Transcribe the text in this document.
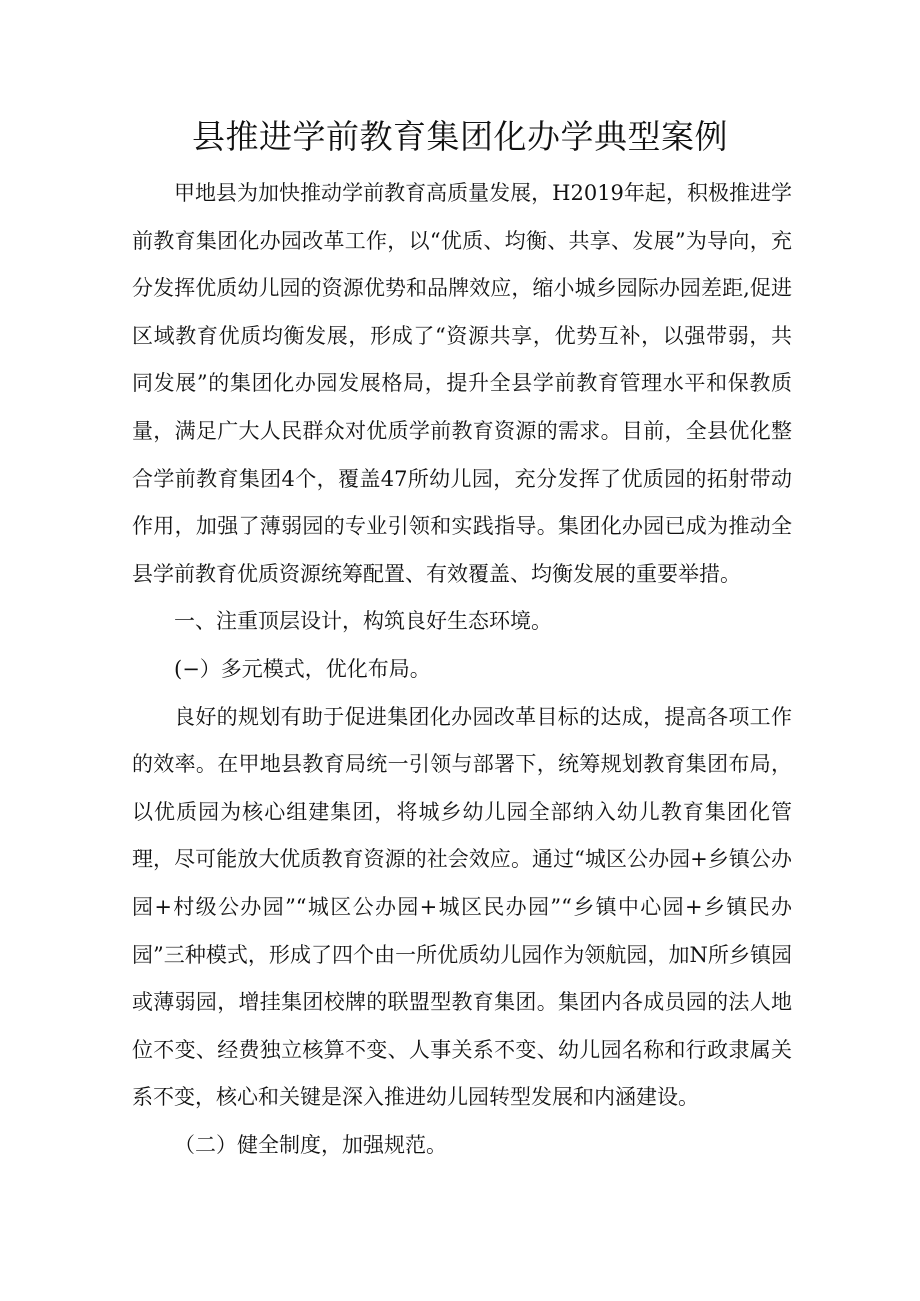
县推进学前教育集团化办学典型案例

甲地县为加快推动学前教育高质量发展，H2019年起，积极推进学前教育集团化办园改革工作，以“优质、均衡、共享、发展”为导向，充分发挥优质幼儿园的资源优势和品牌效应，缩小城乡园际办园差距,促进区域教育优质均衡发展，形成了“资源共享，优势互补，以强带弱，共同发展”的集团化办园发展格局，提升全县学前教育管理水平和保教质量，满足广大人民群众对优质学前教育资源的需求。目前，全县优化整合学前教育集团4个，覆盖47所幼儿园，充分发挥了优质园的拓射带动作用，加强了薄弱园的专业引领和实践指导。集团化办园已成为推动全县学前教育优质资源统筹配置、有效覆盖、均衡发展的重要举措。

一、注重顶层设计，构筑良好生态环境。

(−）多元模式，优化布局。

良好的规划有助于促进集团化办园改革目标的达成，提高各项工作的效率。在甲地县教育局统一引领与部署下，统筹规划教育集团布局，以优质园为核心组建集团，将城乡幼儿园全部纳入幼儿教育集团化管理，尽可能放大优质教育资源的社会效应。通过“城区公办园+乡镇公办园+村级公办园”“城区公办园+城区民办园”“乡镇中心园+乡镇民办园”三种模式，形成了四个由一所优质幼儿园作为领航园，加N所乡镇园或薄弱园，增挂集团校牌的联盟型教育集团。集团内各成员园的法人地位不变、经费独立核算不变、人事关系不变、幼儿园名称和行政隶属关系不变，核心和关键是深入推进幼儿园转型发展和内涵建设。

（二）健全制度，加强规范。
